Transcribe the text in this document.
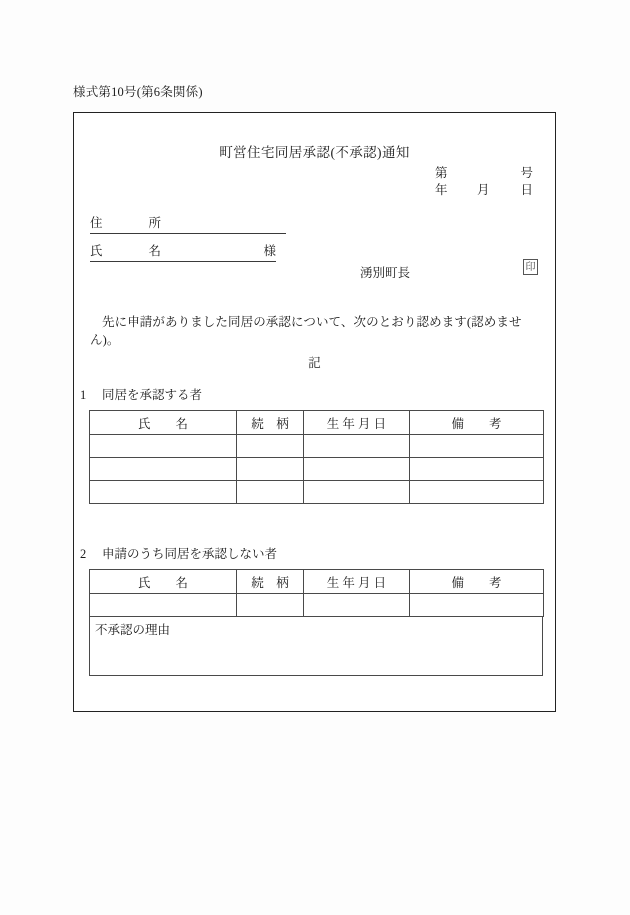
様式第10号(第6条関係)
町営住宅同居承認(不承認)通知
第	号
年	月	日
住　　所
氏　　名	様
湧別町長	印
先に申請がありました同居の承認について、次のとおり認めます(認めません)。
記
1 同居を承認する者
氏　　名	続　柄	生 年 月 日	備　　考

2 申請のうち同居を承認しない者
氏　　名	続　柄	生 年 月 日	備　　考

不承認の理由
